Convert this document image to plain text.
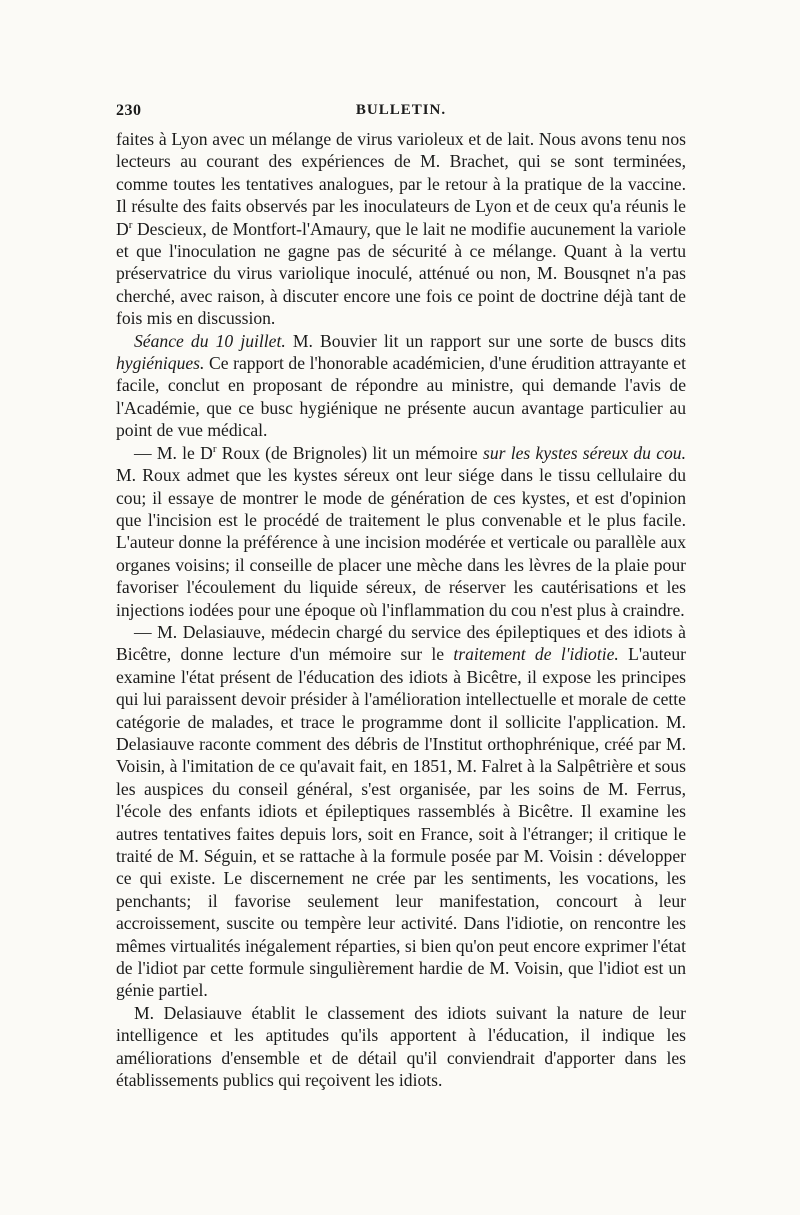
230	BULLETIN.

faites à Lyon avec un mélange de virus varioleux et de lait. Nous avons tenu nos lecteurs au courant des expériences de M. Brachet, qui se sont terminées, comme toutes les tentatives analogues, par le retour à la pratique de la vaccine. Il résulte des faits observés par les inoculateurs de Lyon et de ceux qu'a réunis le $D^r$ Descieux, de Montfort-l'Amaury, que le lait ne modifie aucunement la variole et que l'inoculation ne gagne pas de sécurité à ce mélange. Quant à la vertu préservatrice du virus variolique inoculé, atténué ou non, M. Bousqnet n'a pas cherché, avec raison, à discuter encore une fois ce point de doctrine déjà tant de fois mis en discussion.

Séance du 10 juillet. M. Bouvier lit un rapport sur une sorte de buscs dits hygiéniques. Ce rapport de l'honorable académicien, d'une érudition attrayante et facile, conclut en proposant de répondre au ministre, qui demande l'avis de l'Académie, que ce busc hygiénique ne présente aucun avantage particulier au point de vue médical.

— M. le $D^r$ Roux (de Brignoles) lit un mémoire sur les kystes séreux du cou. M. Roux admet que les kystes séreux ont leur siége dans le tissu cellulaire du cou; il essaye de montrer le mode de génération de ces kystes, et est d'opinion que l'incision est le procédé de traitement le plus convenable et le plus facile. L'auteur donne la préférence à une incision modérée et verticale ou parallèle aux organes voisins; il conseille de placer une mèche dans les lèvres de la plaie pour favoriser l'écoulement du liquide séreux, de réserver les cautérisations et les injections iodées pour une époque où l'inflammation du cou n'est plus à craindre.

— M. Delasiauve, médecin chargé du service des épileptiques et des idiots à Bicêtre, donne lecture d'un mémoire sur le traitement de l'idiotie. L'auteur examine l'état présent de l'éducation des idiots à Bicêtre, il expose les principes qui lui paraissent devoir présider à l'amélioration intellectuelle et morale de cette catégorie de malades, et trace le programme dont il sollicite l'application. M. Delasiauve raconte comment des débris de l'Institut orthophrénique, créé par M. Voisin, à l'imitation de ce qu'avait fait, en 1851, M. Falret à la Salpêtrière et sous les auspices du conseil général, s'est organisée, par les soins de M. Ferrus, l'école des enfants idiots et épileptiques rassemblés à Bicêtre. Il examine les autres tentatives faites depuis lors, soit en France, soit à l'étranger; il critique le traité de M. Séguin, et se rattache à la formule posée par M. Voisin : développer ce qui existe. Le discernement ne crée par les sentiments, les vocations, les penchants; il favorise seulement leur manifestation, concourt à leur accroissement, suscite ou tempère leur activité. Dans l'idiotie, on rencontre les mêmes virtualités inégalement réparties, si bien qu'on peut encore exprimer l'état de l'idiot par cette formule singulièrement hardie de M. Voisin, que l'idiot est un génie partiel.

M. Delasiauve établit le classement des idiots suivant la nature de leur intelligence et les aptitudes qu'ils apportent à l'éducation, il indique les améliorations d'ensemble et de détail qu'il conviendrait d'apporter dans les établissements publics qui reçoivent les idiots.
